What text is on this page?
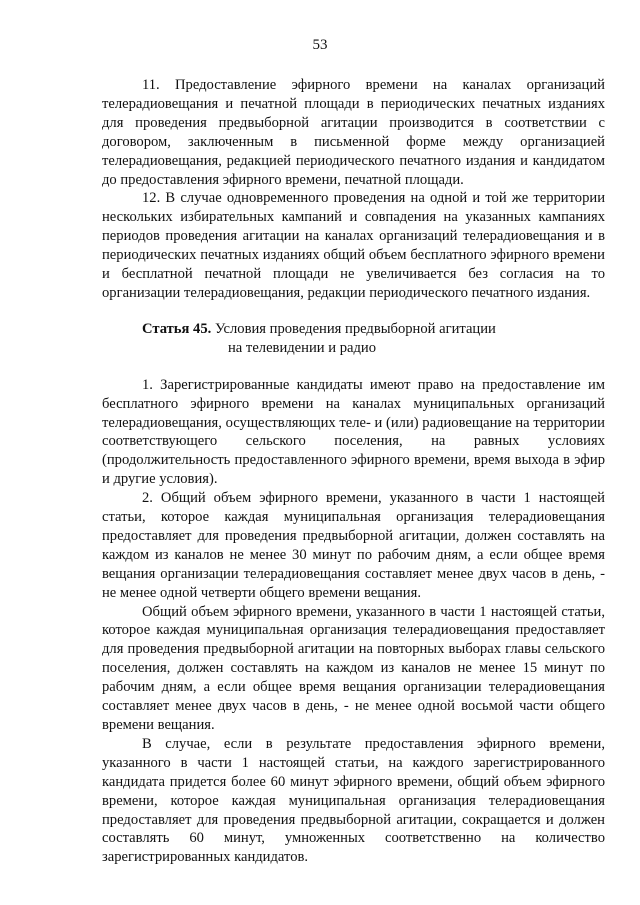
53

11. Предоставление эфирного времени на каналах организаций телерадиовещания и печатной площади в периодических печатных изданиях для проведения предвыборной агитации производится в соответствии с договором, заключенным в письменной форме между организацией телерадиовещания, редакцией периодического печатного издания и кандидатом до предоставления эфирного времени, печатной площади.

12. В случае одновременного проведения на одной и той же территории нескольких избирательных кампаний и совпадения на указанных кампаниях периодов проведения агитации на каналах организаций телерадиовещания и в периодических печатных изданиях общий объем бесплатного эфирного времени и бесплатной печатной площади не увеличивается без согласия на то организации телерадиовещания, редакции периодического печатного издания.

Статья 45. Условия проведения предвыборной агитации
на телевидении и радио

1. Зарегистрированные кандидаты имеют право на предоставление им бесплатного эфирного времени на каналах муниципальных организаций телерадиовещания, осуществляющих теле- и (или) радиовещание на территории соответствующего сельского поселения, на равных условиях (продолжительность предоставленного эфирного времени, время выхода в эфир и другие условия).

2. Общий объем эфирного времени, указанного в части 1 настоящей статьи, которое каждая муниципальная организация телерадиовещания предоставляет для проведения предвыборной агитации, должен составлять на каждом из каналов не менее 30 минут по рабочим дням, а если общее время вещания организации телерадиовещания составляет менее двух часов в день, - не менее одной четверти общего времени вещания.

Общий объем эфирного времени, указанного в части 1 настоящей статьи, которое каждая муниципальная организация телерадиовещания предоставляет для проведения предвыборной агитации на повторных выборах главы сельского поселения, должен составлять на каждом из каналов не менее 15 минут по рабочим дням, а если общее время вещания организации телерадиовещания составляет менее двух часов в день, - не менее одной восьмой части общего времени вещания.

В случае, если в результате предоставления эфирного времени, указанного в части 1 настоящей статьи, на каждого зарегистрированного кандидата придется более 60 минут эфирного времени, общий объем эфирного времени, которое каждая муниципальная организация телерадиовещания предоставляет для проведения предвыборной агитации, сокращается и должен составлять 60 минут, умноженных соответственно на количество зарегистрированных кандидатов.
